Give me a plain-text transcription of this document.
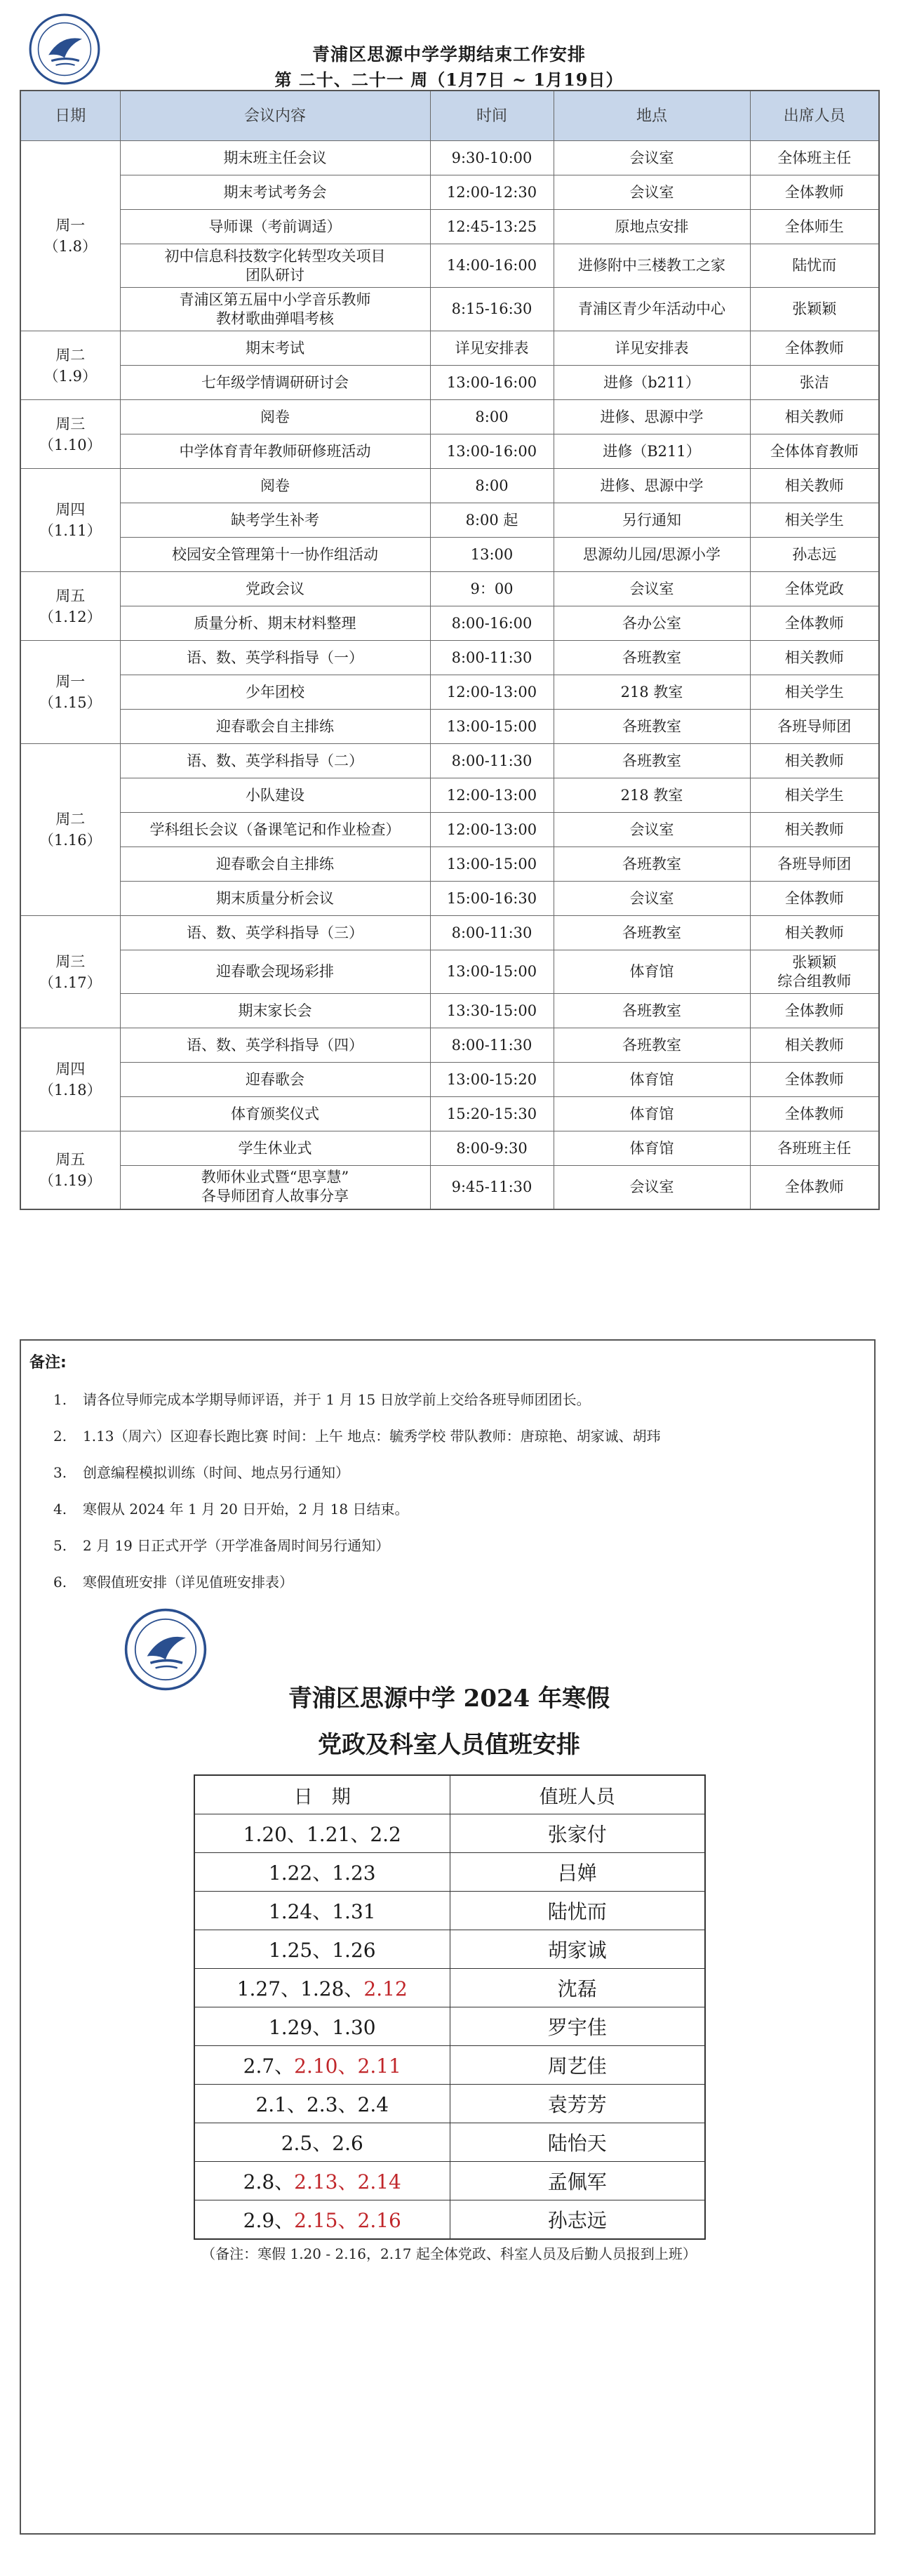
青浦区思源中学学期结束工作安排
第 二十、二十一 周（1月7日 ~ 1月19日）
日期	会议内容	时间	地点	出席人员

周一
（1.8）	期末班主任会议	9:30-10:00	会议室	全体班主任

	期末考试考务会	12:00-12:30	会议室	全体教师

	导师课（考前调适）	12:45-13:25	原地点安排	全体师生

	初中信息科技数字化转型攻关项目
团队研讨	14:00-16:00	进修附中三楼教工之家	陆忧而

	青浦区第五届中小学音乐教师
教材歌曲弹唱考核	8:15-16:30	青浦区青少年活动中心	张颖颖

周二
（1.9）	期末考试	详见安排表	详见安排表	全体教师

	七年级学情调研研讨会	13:00-16:00	进修（b211）	张洁

周三
（1.10）	阅卷	8:00	进修、思源中学	相关教师

	中学体育青年教师研修班活动	13:00-16:00	进修（B211）	全体体育教师

周四
（1.11）	阅卷	8:00	进修、思源中学	相关教师

	缺考学生补考	8:00 起	另行通知	相关学生

	校园安全管理第十一协作组活动	13:00	思源幼儿园/思源小学	孙志远

周五
（1.12）	党政会议	9：00	会议室	全体党政

	质量分析、期末材料整理	8:00-16:00	各办公室	全体教师

周一
（1.15）	语、数、英学科指导（一）	8:00-11:30	各班教室	相关教师

	少年团校	12:00-13:00	218 教室	相关学生

	迎春歌会自主排练	13:00-15:00	各班教室	各班导师团

周二
（1.16）	语、数、英学科指导（二）	8:00-11:30	各班教室	相关教师

	小队建设	12:00-13:00	218 教室	相关学生

	学科组长会议（备课笔记和作业检查）	12:00-13:00	会议室	相关教师

	迎春歌会自主排练	13:00-15:00	各班教室	各班导师团

	期末质量分析会议	15:00-16:30	会议室	全体教师

周三
（1.17）	语、数、英学科指导（三）	8:00-11:30	各班教室	相关教师

	迎春歌会现场彩排	13:00-15:00	体育馆	张颖颖
综合组教师

	期末家长会	13:30-15:00	各班教室	全体教师

周四
（1.18）	语、数、英学科指导（四）	8:00-11:30	各班教室	相关教师

	迎春歌会	13:00-15:20	体育馆	全体教师

	体育颁奖仪式	15:20-15:30	体育馆	全体教师

周五
（1.19）	学生休业式	8:00-9:30	体育馆	各班班主任

	教师休业式暨“思享慧”
各导师团育人故事分享	9:45-11:30	会议室	全体教师
备注:
1. 请各位导师完成本学期导师评语，并于 1 月 15 日放学前上交给各班导师团团长。
2. 1.13（周六）区迎春长跑比赛 时间：上午 地点：毓秀学校 带队教师：唐琼艳、胡家诚、胡玮
3. 创意编程模拟训练（时间、地点另行通知）
4. 寒假从 2024 年 1 月 20 日开始，2 月 18 日结束。
5. 2 月 19 日正式开学（开学准备周时间另行通知）
6. 寒假值班安排（详见值班安排表）
青浦区思源中学 2024 年寒假
党政及科室人员值班安排
日　期	值班人员
1.20、1.21、2.2	张家付
1.22、1.23	吕婵
1.24、1.31	陆忧而
1.25、1.26	胡家诚
1.27、1.28、2.12	沈磊
1.29、1.30	罗宇佳
2.7、2.10、2.11	周艺佳
2.1、2.3、2.4	袁芳芳
2.5、2.6	陆怡天
2.8、2.13、2.14	孟佩军
2.9、2.15、2.16	孙志远
（备注：寒假 1.20 - 2.16，2.17 起全体党政、科室人员及后勤人员报到上班）
